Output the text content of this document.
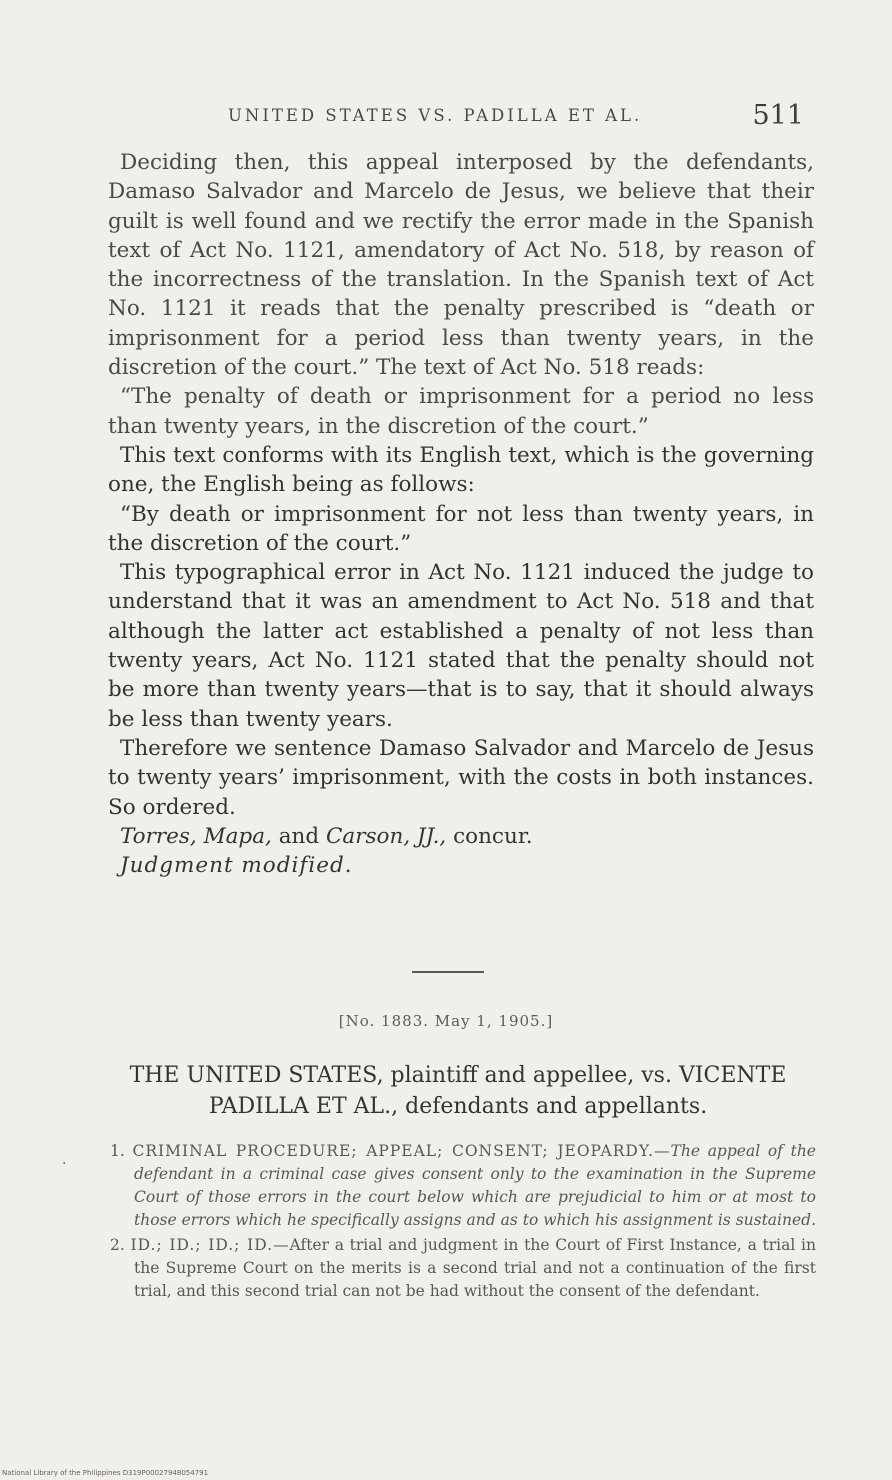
UNITED STATES VS. PADILLA ET AL.	511

Deciding then, this appeal interposed by the defendants, Damaso Salvador and Marcelo de Jesus, we believe that their guilt is well found and we rectify the error made in the Spanish text of Act No. 1121, amendatory of Act No. 518, by reason of the incorrectness of the translation. In the Spanish text of Act No. 1121 it reads that the penalty prescribed is “death or imprisonment for a period less than twenty years, in the discretion of the court.” The text of Act No. 518 reads:

“The penalty of death or imprisonment for a period no less than twenty years, in the discretion of the court.”

This text conforms with its English text, which is the governing one, the English being as follows:

“By death or imprisonment for not less than twenty years, in the discretion of the court.”

This typographical error in Act No. 1121 induced the judge to understand that it was an amendment to Act No. 518 and that although the latter act established a penalty of not less than twenty years, Act No. 1121 stated that the penalty should not be more than twenty years—that is to say, that it should always be less than twenty years.

Therefore we sentence Damaso Salvador and Marcelo de Jesus to twenty years’ imprisonment, with the costs in both instances. So ordered.

Torres, Mapa, and Carson, JJ., concur.

Judgment modified.

[No. 1883. May 1, 1905.]
THE UNITED STATES, plaintiff and appellee, vs. VICENTE
PADILLA ET AL., defendants and appellants.
.	1. CRIMINAL PROCEDURE; APPEAL; CONSENT; JEOPARDY.—The appeal of the defendant in a criminal case gives consent only to the examination in the Supreme Court of those errors in the court below which are prejudicial to him or at most to those errors which he specifically assigns and as to which his assignment is sustained.

2. ID.; ID.; ID.; ID.—After a trial and judgment in the Court of First Instance, a trial in the Supreme Court on the merits is a second trial and not a continuation of the first trial, and this second trial can not be had without the consent of the defendant.

National Library of the Philippines D319P00027948054791
